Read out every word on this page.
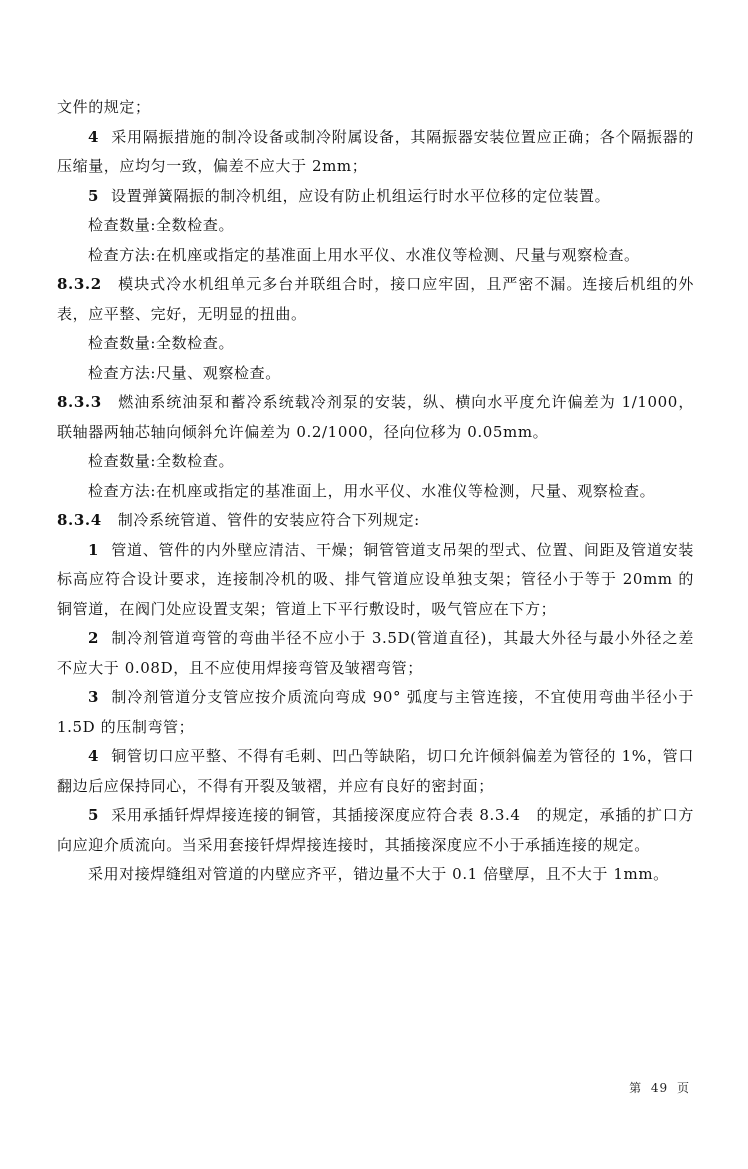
文件的规定；

4 采用隔振措施的制冷设备或制冷附属设备，其隔振器安装位置应正确；各个隔振器的压缩量，应均匀一致，偏差不应大于 2mm；

5 设置弹簧隔振的制冷机组，应设有防止机组运行时水平位移的定位装置。

检查数量:全数检查。

检查方法:在机座或指定的基准面上用水平仪、水准仪等检测、尺量与观察检查。

8.3.2 模块式冷水机组单元多台并联组合时，接口应牢固，且严密不漏。连接后机组的外表，应平整、完好，无明显的扭曲。

检查数量:全数检查。

检查方法:尺量、观察检查。

8.3.3 燃油系统油泵和蓄冷系统载冷剂泵的安装，纵、横向水平度允许偏差为 1/1000，联轴器两轴芯轴向倾斜允许偏差为 0.2/1000，径向位移为 0.05mm。

检查数量:全数检查。

检查方法:在机座或指定的基准面上，用水平仪、水准仪等检测，尺量、观察检查。

8.3.4 制冷系统管道、管件的安装应符合下列规定:

1 管道、管件的内外壁应清洁、干燥；铜管管道支吊架的型式、位置、间距及管道安装标高应符合设计要求，连接制冷机的吸、排气管道应设单独支架；管径小于等于 20mm 的铜管道，在阀门处应设置支架；管道上下平行敷设时，吸气管应在下方；

2 制冷剂管道弯管的弯曲半径不应小于 3.5D(管道直径)，其最大外径与最小外径之差不应大于 0.08D，且不应使用焊接弯管及皱褶弯管；

3 制冷剂管道分支管应按介质流向弯成 90° 弧度与主管连接，不宜使用弯曲半径小于 1.5D 的压制弯管；

4 铜管切口应平整、不得有毛刺、凹凸等缺陷，切口允许倾斜偏差为管径的 1%，管口翻边后应保持同心，不得有开裂及皱褶，并应有良好的密封面；

5 采用承插钎焊焊接连接的铜管，其插接深度应符合表 8.3.4　的规定，承插的扩口方向应迎介质流向。当采用套接钎焊焊接连接时，其插接深度应不小于承插连接的规定。

采用对接焊缝组对管道的内壁应齐平，错边量不大于 0.1 倍壁厚，且不大于 1mm。

第 49 页
